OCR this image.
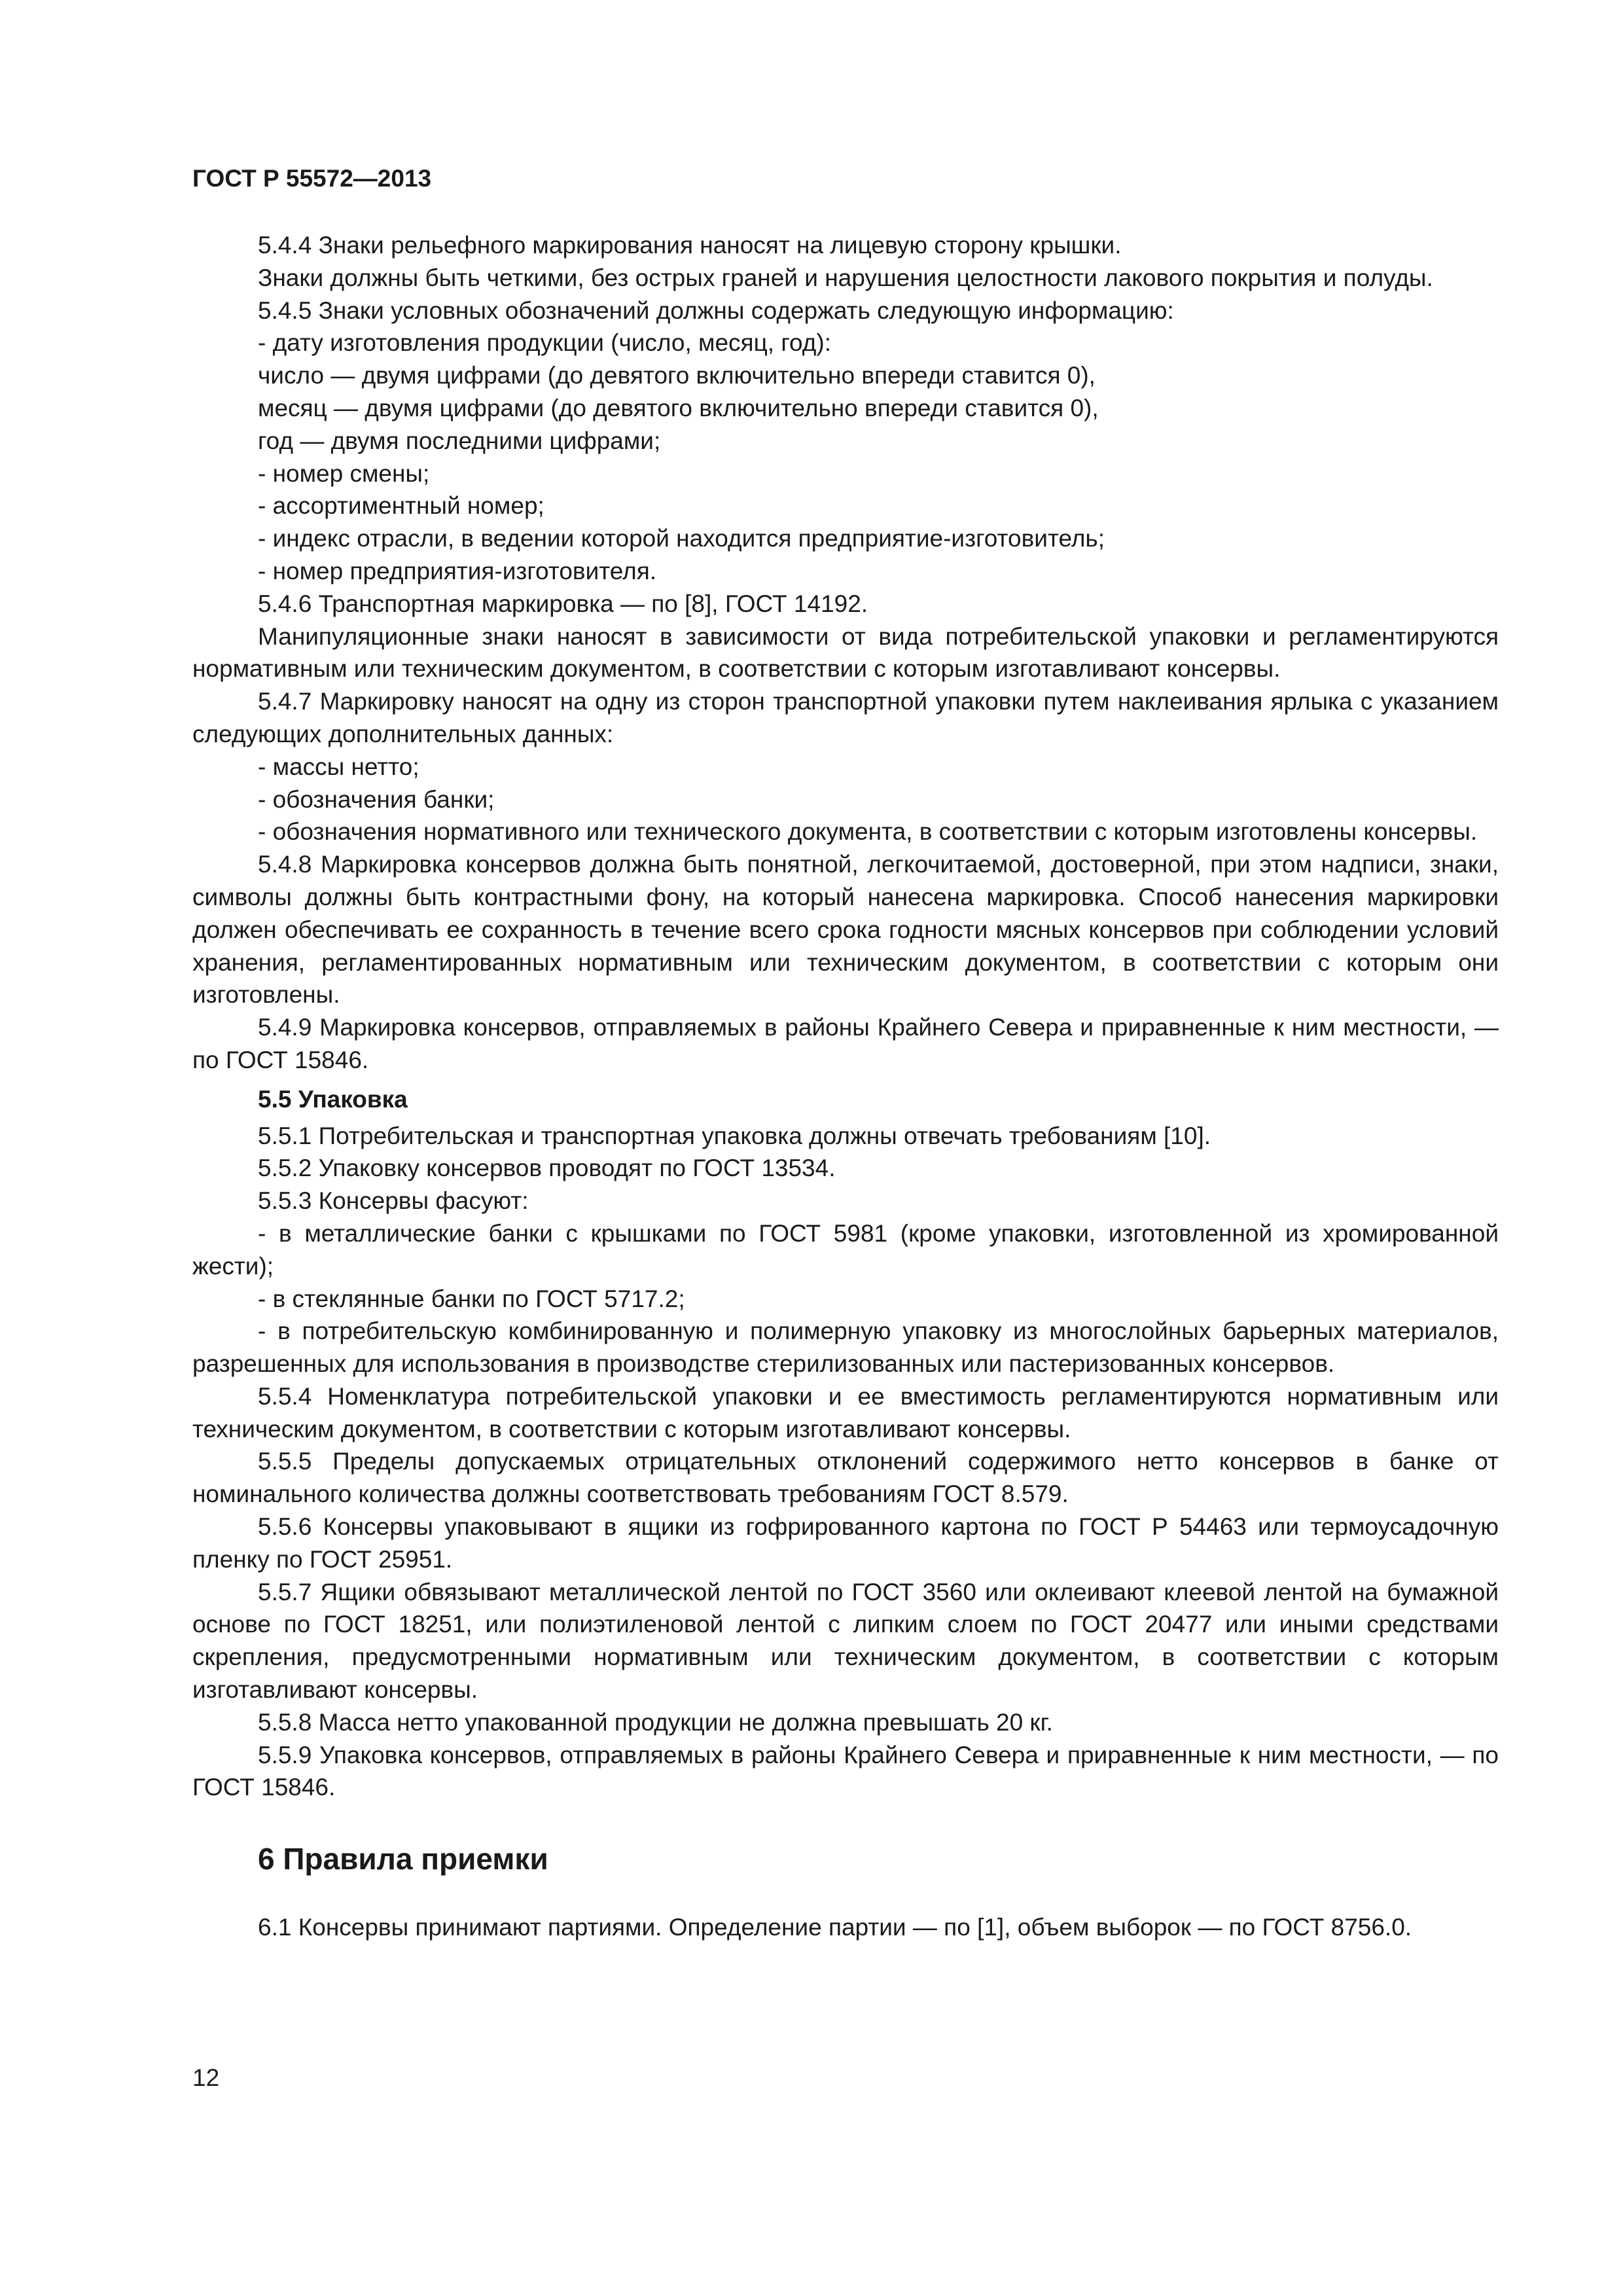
ГОСТ Р 55572—2013

5.4.4 Знаки рельефного маркирования наносят на лицевую сторону крышки.

Знаки должны быть четкими, без острых граней и нарушения целостности лакового покрытия и полуды.

5.4.5 Знаки условных обозначений должны содержать следующую информацию:

- дату изготовления продукции (число, месяц, год):

число — двумя цифрами (до девятого включительно впереди ставится 0),

месяц — двумя цифрами (до девятого включительно впереди ставится 0),

год — двумя последними цифрами;

- номер смены;

- ассортиментный номер;

- индекс отрасли, в ведении которой находится предприятие-изготовитель;

- номер предприятия-изготовителя.

5.4.6 Транспортная маркировка — по [8], ГОСТ 14192.

Манипуляционные знаки наносят в зависимости от вида потребительской упаковки и регламентируются нормативным или техническим документом, в соответствии с которым изготавливают консервы.

5.4.7 Маркировку наносят на одну из сторон транспортной упаковки путем наклеивания ярлыка с указанием следующих дополнительных данных:

- массы нетто;

- обозначения банки;

- обозначения нормативного или технического документа, в соответствии с которым изготовлены консервы.

5.4.8 Маркировка консервов должна быть понятной, легкочитаемой, достоверной, при этом надписи, знаки, символы должны быть контрастными фону, на который нанесена маркировка. Способ нанесения маркировки должен обеспечивать ее сохранность в течение всего срока годности мясных консервов при соблюдении условий хранения, регламентированных нормативным или техническим документом, в соответствии с которым они изготовлены.

5.4.9 Маркировка консервов, отправляемых в районы Крайнего Севера и приравненные к ним местности, — по ГОСТ 15846.

5.5 Упаковка

5.5.1 Потребительская и транспортная упаковка должны отвечать требованиям [10].

5.5.2 Упаковку консервов проводят по ГОСТ 13534.

5.5.3 Консервы фасуют:

- в металлические банки с крышками по ГОСТ 5981 (кроме упаковки, изготовленной из хромированной жести);

- в стеклянные банки по ГОСТ 5717.2;

- в потребительскую комбинированную и полимерную упаковку из многослойных барьерных материалов, разрешенных для использования в производстве стерилизованных или пастеризованных консервов.

5.5.4 Номенклатура потребительской упаковки и ее вместимость регламентируются нормативным или техническим документом, в соответствии с которым изготавливают консервы.

5.5.5 Пределы допускаемых отрицательных отклонений содержимого нетто консервов в банке от номинального количества должны соответствовать требованиям ГОСТ 8.579.

5.5.6 Консервы упаковывают в ящики из гофрированного картона по ГОСТ Р 54463 или термоусадочную пленку по ГОСТ 25951.

5.5.7 Ящики обвязывают металлической лентой по ГОСТ 3560 или оклеивают клеевой лентой на бумажной основе по ГОСТ 18251, или полиэтиленовой лентой с липким слоем по ГОСТ 20477 или иными средствами скрепления, предусмотренными нормативным или техническим документом, в соответствии с которым изготавливают консервы.

5.5.8 Масса нетто упакованной продукции не должна превышать 20 кг.

5.5.9 Упаковка консервов, отправляемых в районы Крайнего Севера и приравненные к ним местности, — по ГОСТ 15846.

6 Правила приемки

6.1 Консервы принимают партиями. Определение партии — по [1], объем выборок — по ГОСТ 8756.0.

12
